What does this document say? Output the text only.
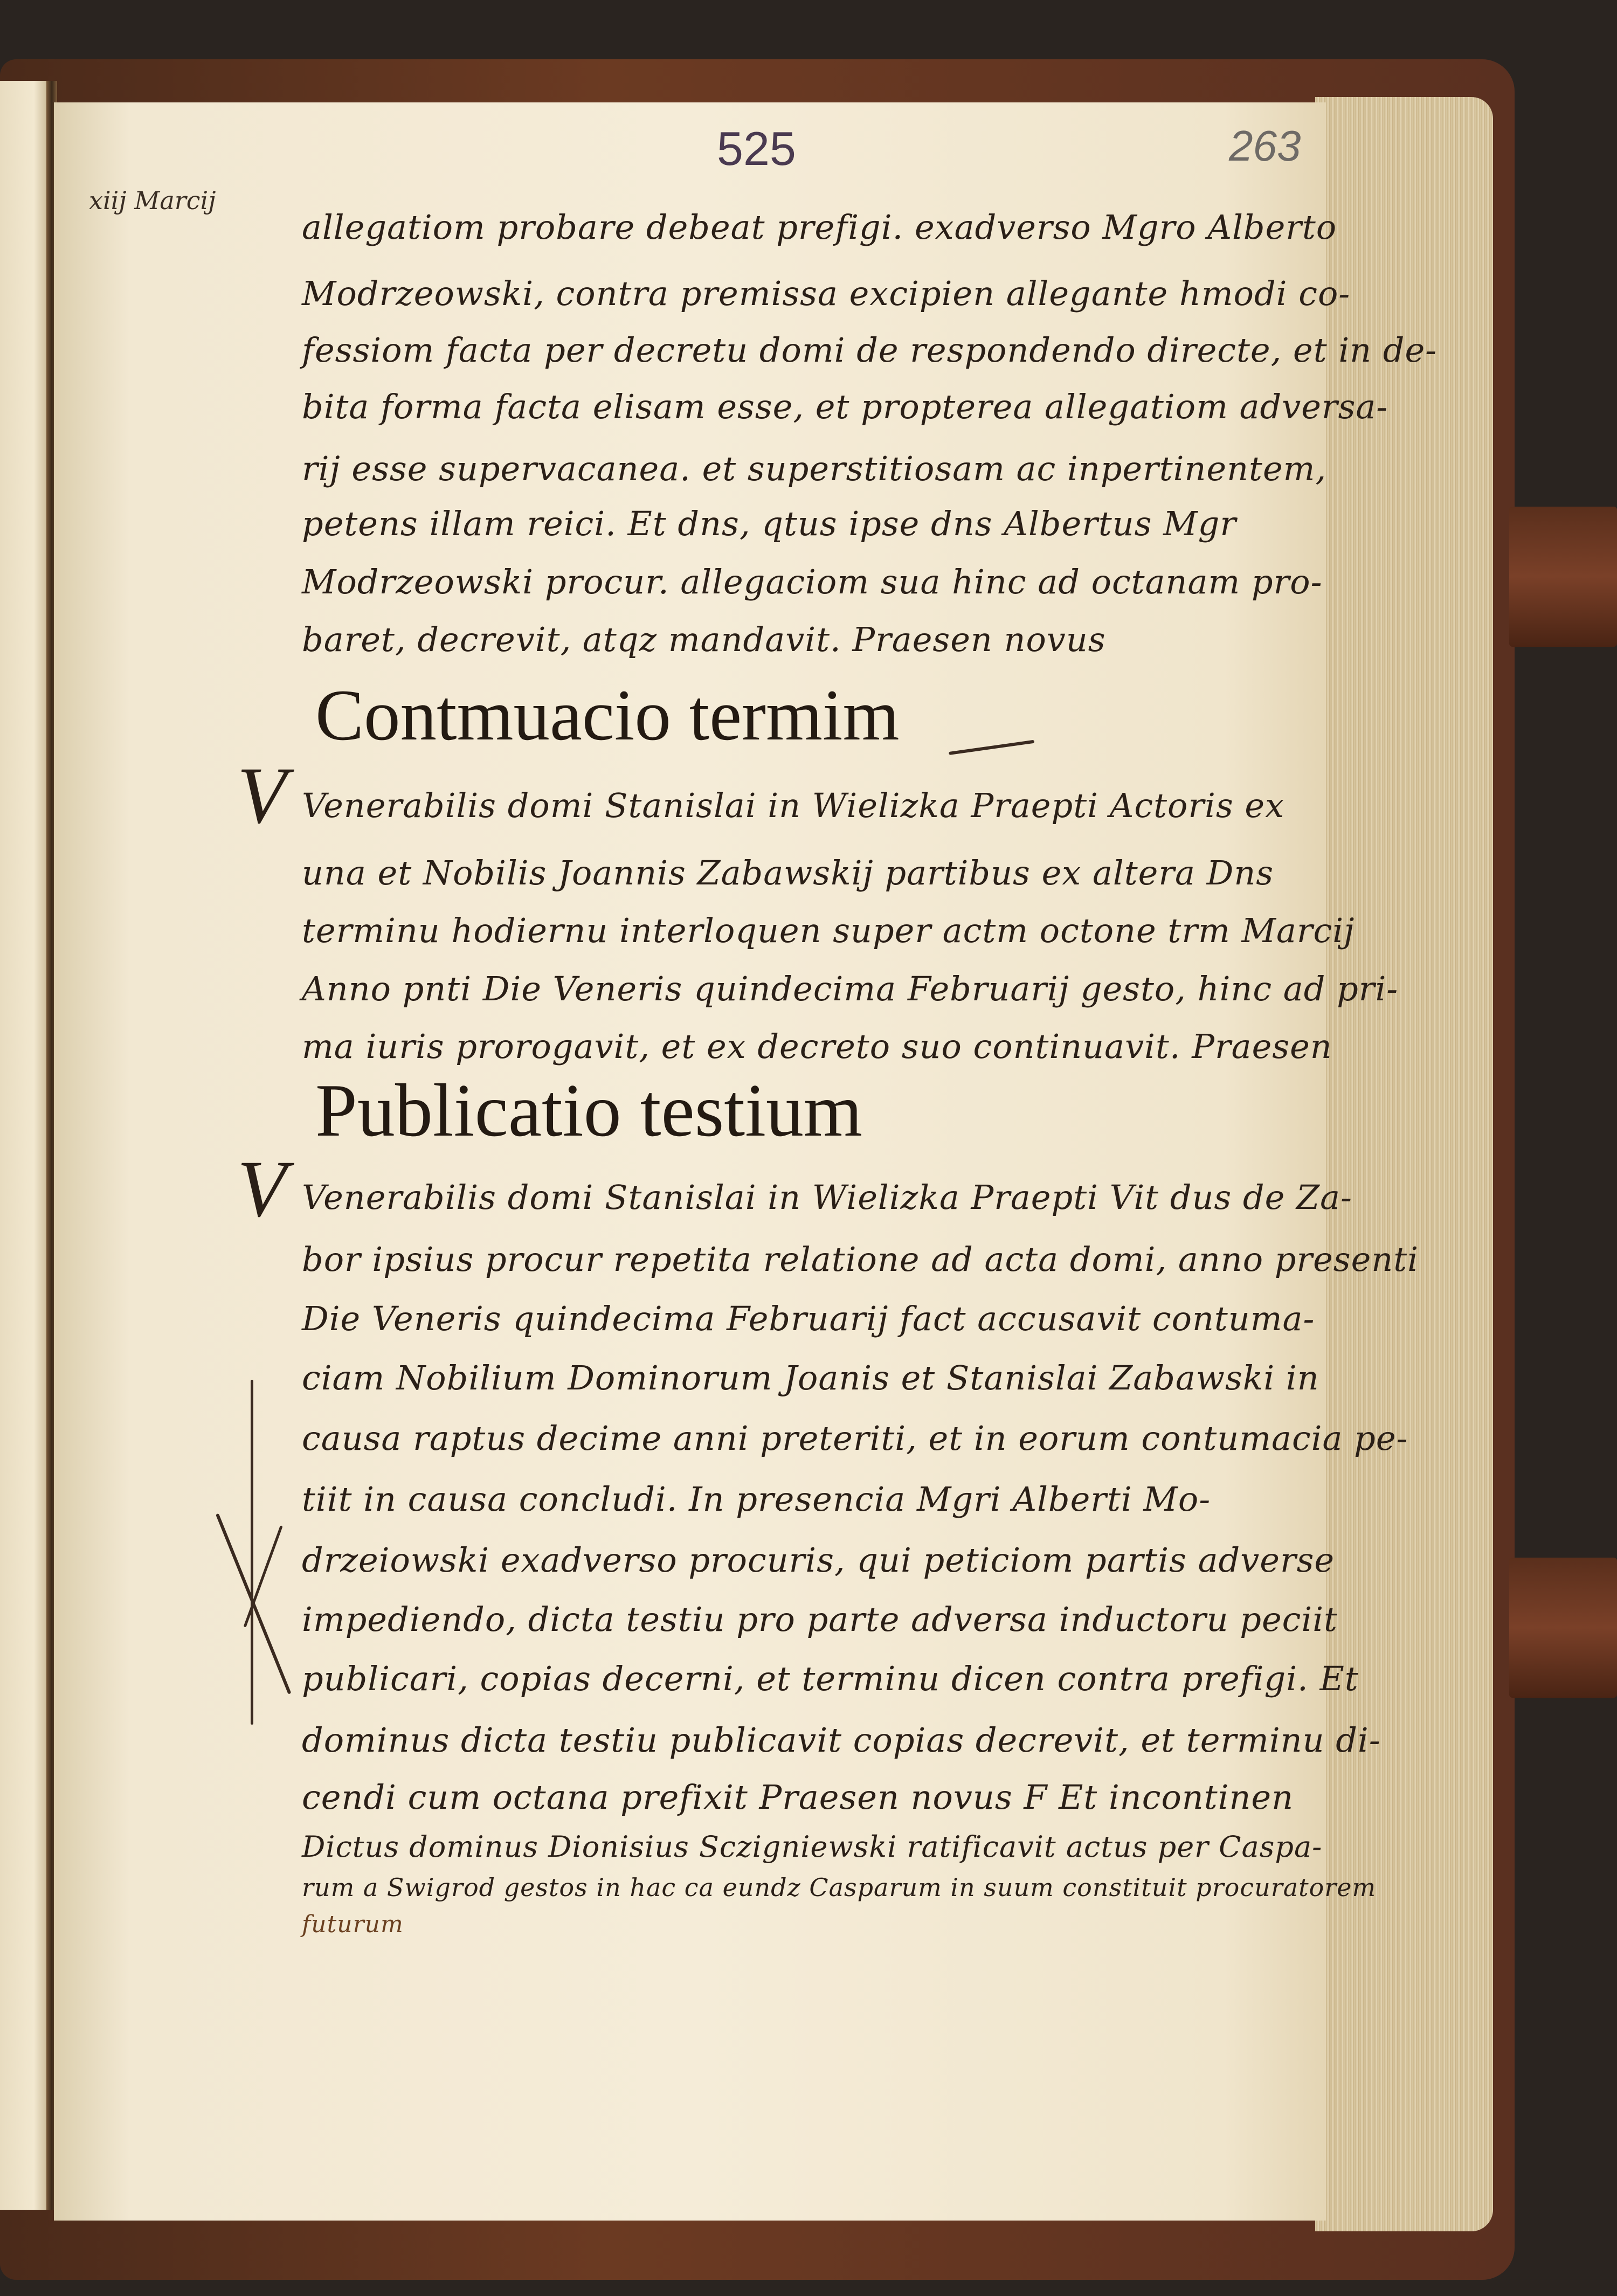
525	263
xiij Marcij
allegatiom probare debeat prefigi. exadverso Mgro Alberto
Modrzeowski, contra premissa excipien allegante hmodi co-
fessiom facta per decretu domi de respondendo directe, et in de-
bita forma facta elisam esse, et propterea allegatiom adversa-
rij esse supervacanea. et superstitiosam ac inpertinentem,
petens illam reici. Et dns, qtus ipse dns Albertus Mgr
Modrzeowski procur. allegaciom sua hinc ad octanam pro-
baret, decrevit, atqz mandavit. Praesen novus
Contmuacio termim
V Venerabilis domi Stanislai in Wielizka Praepti Actoris ex
una et Nobilis Joannis Zabawskij partibus ex altera Dns
terminu hodiernu interloquen super actm octone trm Marcij
Anno pnti Die Veneris quindecima Februarij gesto, hinc ad pri-
ma iuris prorogavit, et ex decreto suo continuavit. Praesen
Publicatio testium
V Venerabilis domi Stanislai in Wielizka Praepti Vit dus de Za-
bor ipsius procur repetita relatione ad acta domi, anno presenti
Die Veneris quindecima Februarij fact accusavit contuma-
ciam Nobilium Dominorum Joanis et Stanislai Zabawski in
causa raptus decime anni preteriti, et in eorum contumacia pe-
tiit in causa concludi. In presencia Mgri Alberti Mo-
drzeiowski exadverso procuris, qui peticiom partis adverse
impediendo, dicta testiu pro parte adversa inductoru peciit
publicari, copias decerni, et terminu dicen contra prefigi. Et
dominus dicta testiu publicavit copias decrevit, et terminu di-
cendi cum octana prefixit Praesen novus F Et incontinen
Dictus dominus Dionisius Sczigniewski ratificavit actus per Caspa-
rum a Swigrod gestos in hac ca eundz Casparum in suum constituit procuratorem
futurum
